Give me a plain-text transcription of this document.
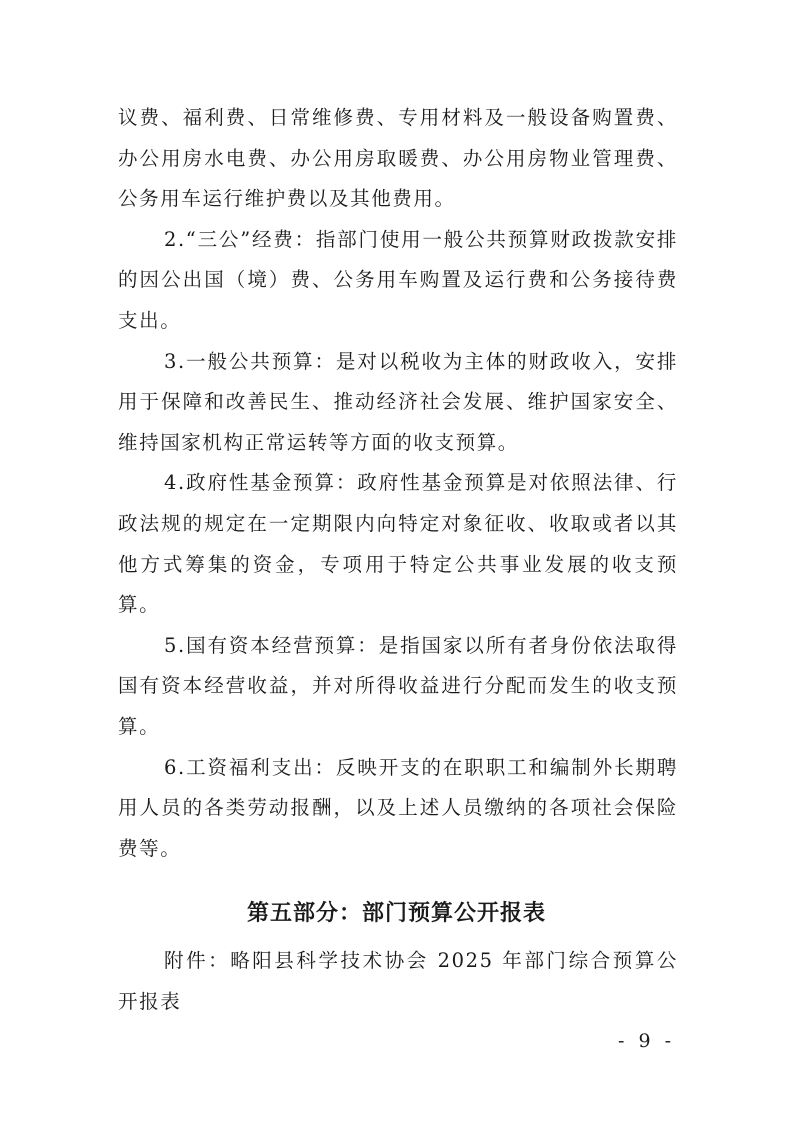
议费、福利费、日常维修费、专用材料及一般设备购置费、办公用房水电费、办公用房取暖费、办公用房物业管理费、公务用车运行维护费以及其他费用。

2.“三公”经费：指部门使用一般公共预算财政拨款安排的因公出国（境）费、公务用车购置及运行费和公务接待费支出。

3.一般公共预算：是对以税收为主体的财政收入，安排用于保障和改善民生、推动经济社会发展、维护国家安全、维持国家机构正常运转等方面的收支预算。

4.政府性基金预算：政府性基金预算是对依照法律、行政法规的规定在一定期限内向特定对象征收、收取或者以其他方式筹集的资金，专项用于特定公共事业发展的收支预算。

5.国有资本经营预算：是指国家以所有者身份依法取得国有资本经营收益，并对所得收益进行分配而发生的收支预算。

6.工资福利支出：反映开支的在职职工和编制外长期聘用人员的各类劳动报酬，以及上述人员缴纳的各项社会保险费等。

第五部分：部门预算公开报表

附件：略阳县科学技术协会 2025 年部门综合预算公开报表

- 9 -
